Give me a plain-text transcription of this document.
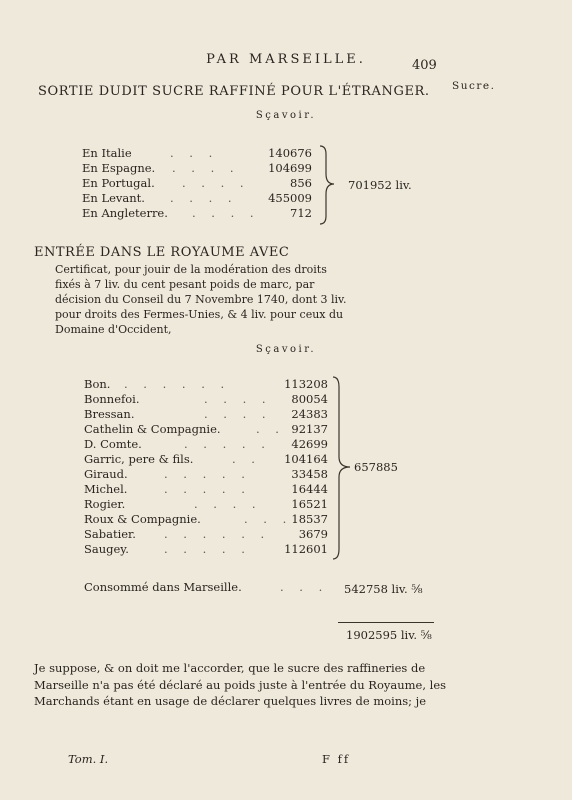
PAR MARSEILLE.	409
SORTIE DUDIT SUCRE RAFFINÉ POUR L'ÉTRANGER. Sucre.
Sçavoir.
En Italie	. . .	140676
En Espagne. . . . . 104699
En Portugal. . . . .	856
En Levant. . . . .	455009
En Angleterre. . . . .	712
701952 liv.
ENTRÉE DANS LE ROYAUME AVEC
Certificat, pour jouir de la modération des droits fixés à 7 liv. du cent pesant poids de marc, par décision du Conseil du 7 Novembre 1740, dont 3 liv. pour droits des Fermes-Unies, & 4 liv. pour ceux du Domaine d'Occident,
Sçavoir.
Bon. . . . . . .	113208
Bonnefoi.	. . . . 80054
Bressan.	. . . . 24383
Cathelin & Compagnie.	. . 92137
D. Comte.	. . . . . 42699
Garric, pere & fils.	. . 104164
Giraud.	. . . . .	33458
Michel.	. . . . .	16444
Rogier.	. . . .	16521
Roux & Compagnie.	. . . 18537
Sabatier. . . . . . . 3679
Saugey.	. . . . .	112601
657885
Consommé dans Marseille.	. . . 542758 liv. ⅝
1902595 liv. ⅝
Je suppose, & on doit me l'accorder, que le sucre des raffineries de Marseille n'a pas été déclaré au poids juste à l'entrée du Royaume, les Marchands étant en usage de déclarer quelques livres de moins; je
Tom. I.	F ff
